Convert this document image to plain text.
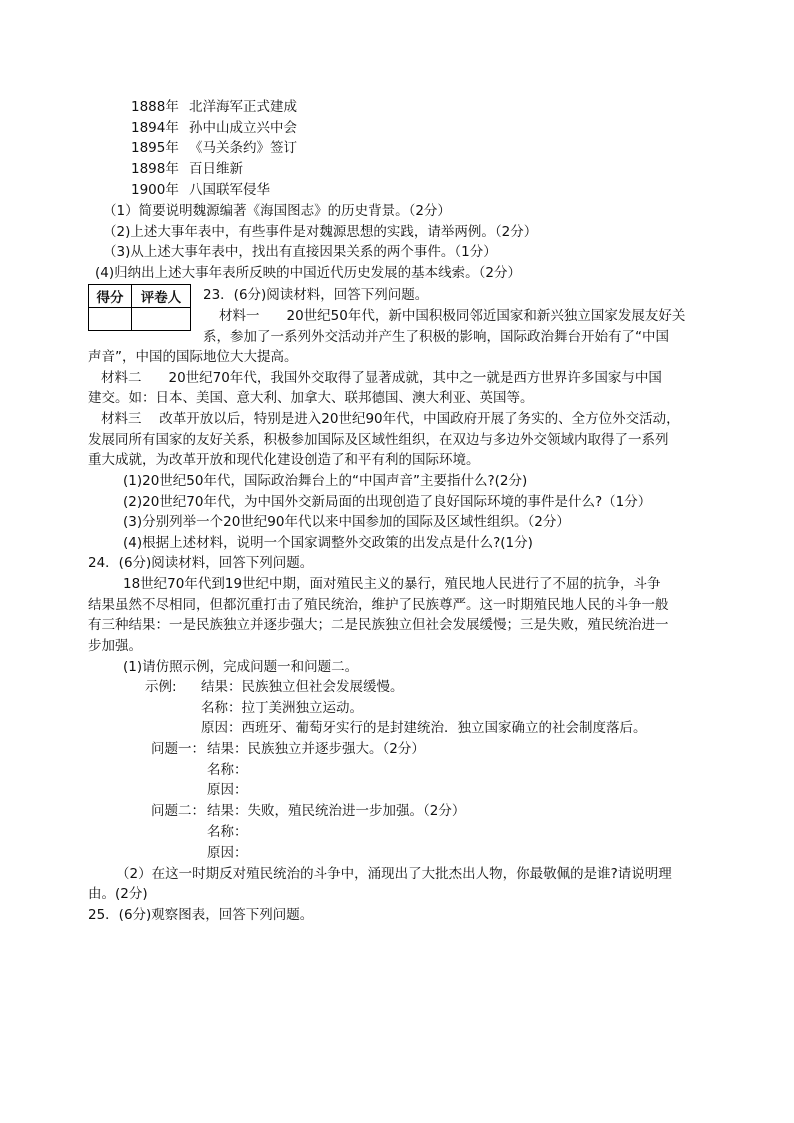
1888年 北洋海军正式建成
1894年 孙中山成立兴中会
1895年 《马关条约》签订
1898年 百日维新
1900年 八国联军侵华
（1）简要说明魏源编著《海国图志》的历史背景。（2分）
（2)上述大事年表中，有些事件是对魏源思想的实践，请举两例。（2分）
（3)从上述大事年表中，找出有直接因果关系的两个事件。（1分）
(4)归纳出上述大事年表所反映的中国近代历史发展的基本线索。（2分）
得分	评卷人
	23．(6分)阅读材料，回答下列问题。
材料一　　20世纪50年代，新中国积极同邻近国家和新兴独立国家发展友好关
系，参加了一系列外交活动并产生了积极的影响，国际政治舞台开始有了“中国
声音”，中国的国际地位大大提高。
材料二　　20世纪70年代，我国外交取得了显著成就，其中之一就是西方世界许多国家与中国
建交。如：日本、美国、意大利、加拿大、联邦德国、澳大利亚、英国等。
材料三　 改革开放以后，特别是进入20世纪90年代，中国政府开展了务实的、全方位外交活动，
发展同所有国家的友好关系，积极参加国际及区域性组织，在双边与多边外交领域内取得了一系列
重大成就，为改革开放和现代化建设创造了和平有利的国际环境。
(1)20世纪50年代，国际政治舞台上的“中国声音”主要指什么?(2分)
(2)20世纪70年代，为中国外交新局面的出现创造了良好国际环境的事件是什么?（1分）
(3)分别列举一个20世纪90年代以来中国参加的国际及区域性组织。（2分）
(4)根据上述材料，说明一个国家调整外交政策的出发点是什么?(1分)
24．(6分)阅读材料，回答下列问题。
18世纪70年代到19世纪中期，面对殖民主义的暴行，殖民地人民进行了不屈的抗争，斗争
结果虽然不尽相同，但都沉重打击了殖民统治，维护了民族尊严。这一时期殖民地人民的斗争一般
有三种结果：一是民族独立并逐步强大；二是民族独立但社会发展缓慢；三是失败，殖民统治进一
步加强。
(1)请仿照示例，完成问题一和问题二。
示例: 结果：民族独立但社会发展缓慢。
名称：拉丁美洲独立运动。
原因：西班牙、葡萄牙实行的是封建统治．独立国家确立的社会制度落后。
问题一： 结果：民族独立并逐步强大。（2分）
名称：
原因：
问题二： 结果：失败，殖民统治进一步加强。（2分）
名称：
原因：
（2）在这一时期反对殖民统治的斗争中，涌现出了大批杰出人物，你最敬佩的是谁?请说明理
由。(2分)
25．(6分)观察图表，回答下列问题。
